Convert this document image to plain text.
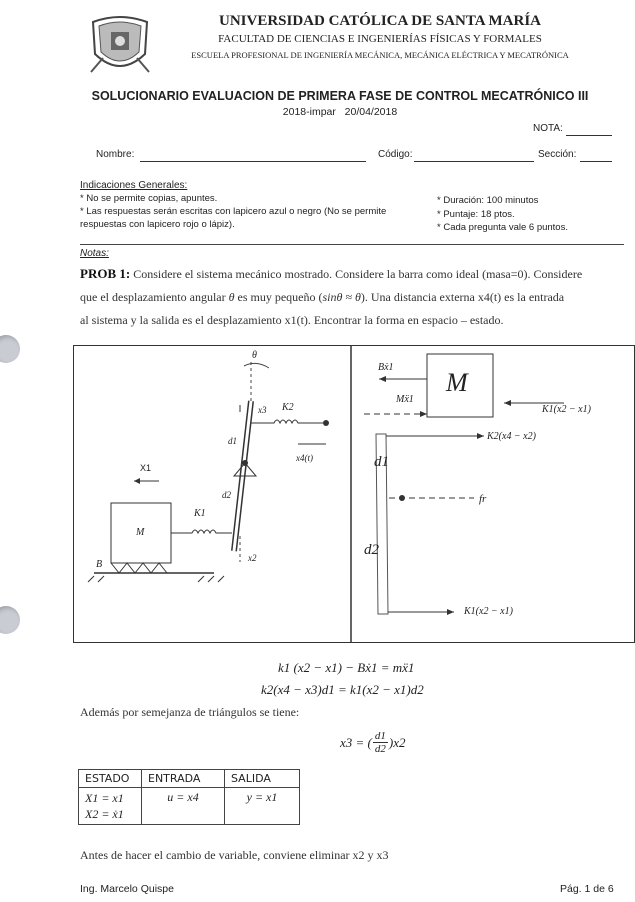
UNIVERSIDAD CATÓLICA DE SANTA MARÍA
FACULTAD DE CIENCIAS E INGENIERÍAS FÍSICAS Y FORMALES
ESCUELA PROFESIONAL DE INGENIERÍA MECÁNICA, MECÁNICA ELÉCTRICA Y MECATRÓNICA
SOLUCIONARIO EVALUACION DE PRIMERA FASE DE CONTROL MECATRÓNICO III
2018-impar   20/04/2018
NOTA:
Nombre:	Código:	Sección:
Indicaciones Generales:
* No se permite copias, apuntes.
* Las respuestas serán escritas con lapicero azul o negro (No se permite
respuestas con lapicero rojo o lápiz).
* Duración: 100 minutos
* Puntaje: 18 ptos.
* Cada pregunta vale 6 puntos.
Notas:
PROB 1: Considere el sistema mecánico mostrado. Considere la barra como ideal (masa=0). Considere
que el desplazamiento angular θ es muy pequeño (sinθ ≈ θ). Una distancia externa x4(t) es la entrada
al sistema y la salida es el desplazamiento x1(t). Encontrar la forma en espacio – estado.
θ
x3 K2
d1
d2
x4(t)
X1
K1
M
x2
B
M
Bẋ1
Mẍ1
K1(x2 − x1)
K2(x4 − x2)
d1
fr
d2
K1(x2 − x1)
k1 (x2 − x1) − Bẋ1 = mẍ1
k2(x4 − x3)d1 = k1(x2 − x1)d2
Además por semejanza de triángulos se tiene:
x3 = ( $\frac{d1}{d2} )x2$
ESTADO	ENTRADA	SALIDA

X1 = x1
X2 = ẋ1	u = x4	y = x1
Antes de hacer el cambio de variable, conviene eliminar x2 y x3
Ing. Marcelo Quispe	Pág. 1 de 6
